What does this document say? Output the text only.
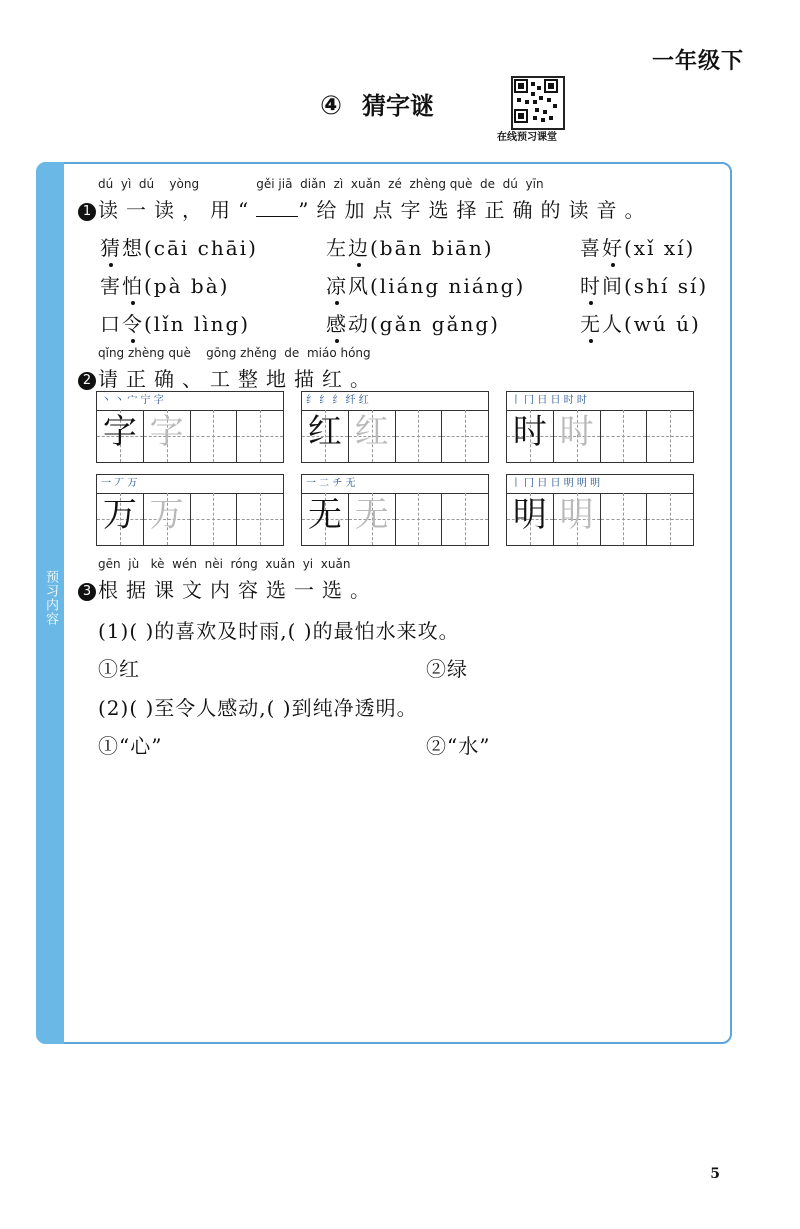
一年级下
④ 猜字谜
在线预习课堂
预习内容
dú  yì  dú    yòng               gěi jiā  diǎn  zì  xuǎn  zé  zhèng què  de  dú  yīn
1 读一读，用“ ”给加点字选择正确的读音。
猜想(cāi chāi)	左边(bān biān)	喜好(xǐ xí)
害怕(pà bà)	凉风(liáng niáng)	时间(shí sí)
口令(lǐn lìng)	感动(gǎn gǎng)	无人(wú ú)
qǐng zhèng què    gōng zhěng  de  miáo hóng
2 请正确、工整地描红。
丶 丶 宀 宁 字
字 字
纟 纟 纟 纤 红
红 红
丨 冂 日 日 时 时
时 时
一 丆 万
万 万
一 二 チ 无
无 无
丨 冂 日 日 明 明 明
明 明
gēn  jù   kè  wén  nèi  róng  xuǎn  yi  xuǎn
3 根据课文内容选一选。
(1)( )的喜欢及时雨,( )的最怕水来攻。
①红	②绿
(2)( )至令人感动,( )到纯净透明。
①“心”	②“水”
5
